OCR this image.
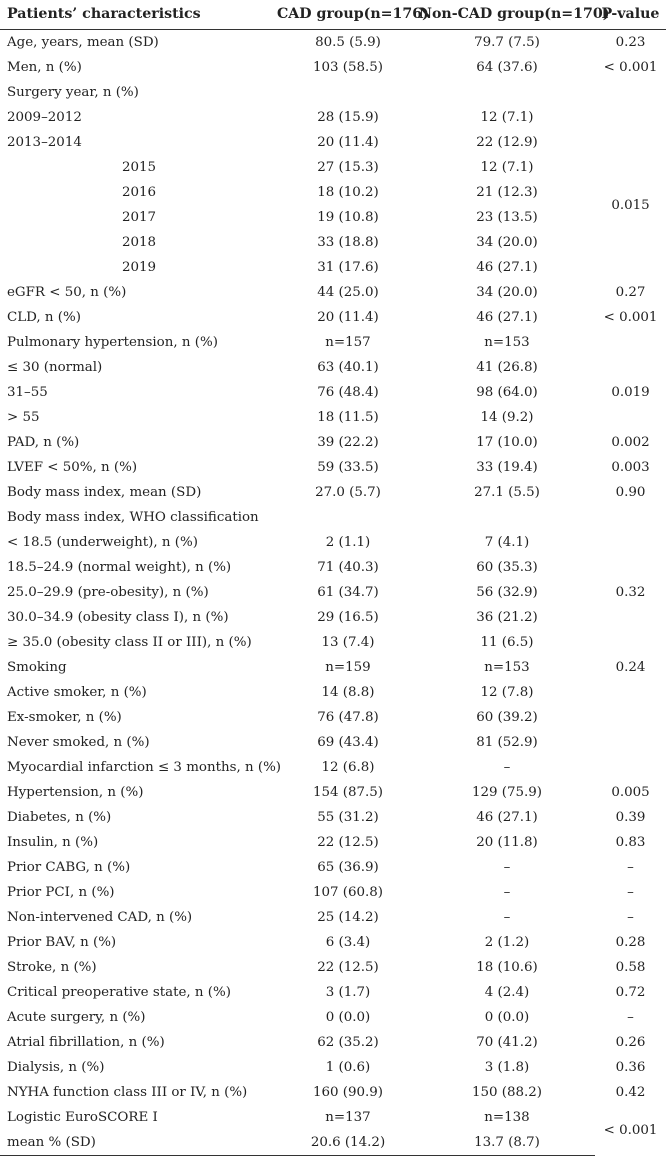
Patients’ characteristics	CAD group(n=176)	Non-CAD group(n=170)	P-value
Age, years, mean (SD)	80.5 (5.9)	79.7 (7.5)	0.23
Men, n (%)	103 (58.5)	64 (37.6)	< 0.001
Surgery year, n (%)			
2009–2012	28 (15.9)	12 (7.1)	
2013–2014	20 (11.4)	22 (12.9)	0.015
2015	27 (15.3)	12 (7.1)	
2016	18 (10.2)	21 (12.3)	
2017	19 (10.8)	23 (13.5)	
2018	33 (18.8)	34 (20.0)	
2019	31 (17.6)	46 (27.1)	
eGFR < 50, n (%)	44 (25.0)	34 (20.0)	0.27
CLD, n (%)	20 (11.4)	46 (27.1)	< 0.001
Pulmonary hypertension, n (%)	n=157	n=153	
≤ 30 (normal)	63 (40.1)	41 (26.8)	0.019
31–55	76 (48.4)	98 (64.0)	
> 55	18 (11.5)	14 (9.2)	
PAD, n (%)	39 (22.2)	17 (10.0)	0.002
LVEF < 50%, n (%)	59 (33.5)	33 (19.4)	0.003
Body mass index, mean (SD)	27.0 (5.7)	27.1 (5.5)	0.90
Body mass index, WHO classification			
< 18.5 (underweight), n (%)	2 (1.1)	7 (4.1)	0.32
18.5–24.9 (normal weight), n (%)	71 (40.3)	60 (35.3)	
25.0–29.9 (pre-obesity), n (%)	61 (34.7)	56 (32.9)	
30.0–34.9 (obesity class I), n (%)	29 (16.5)	36 (21.2)	
≥ 35.0 (obesity class II or III), n (%)	13 (7.4)	11 (6.5)	
Smoking	n=159	n=153	0.24
Active smoker, n (%)	14 (8.8)	12 (7.8)	
Ex-smoker, n (%)	76 (47.8)	60 (39.2)	
Never smoked, n (%)	69 (43.4)	81 (52.9)	
Myocardial infarction ≤ 3 months, n (%)	12 (6.8)	–	
Hypertension, n (%)	154 (87.5)	129 (75.9)	0.005
Diabetes, n (%)	55 (31.2)	46 (27.1)	0.39
Insulin, n (%)	22 (12.5)	20 (11.8)	0.83
Prior CABG, n (%)	65 (36.9)	–	–
Prior PCI, n (%)	107 (60.8)	–	–
Non-intervened CAD, n (%)	25 (14.2)	–	–
Prior BAV, n (%)	6 (3.4)	2 (1.2)	0.28
Stroke, n (%)	22 (12.5)	18 (10.6)	0.58
Critical preoperative state, n (%)	3 (1.7)	4 (2.4)	0.72
Acute surgery, n (%)	0 (0.0)	0 (0.0)	–
Atrial fibrillation, n (%)	62 (35.2)	70 (41.2)	0.26
Dialysis, n (%)	1 (0.6)	3 (1.8)	0.36
NYHA function class III or IV, n (%)	160 (90.9)	150 (88.2)	0.42
Logistic EuroSCORE I	n=137	n=138	< 0.001
mean % (SD)	20.6 (14.2)	13.7 (8.7)	
